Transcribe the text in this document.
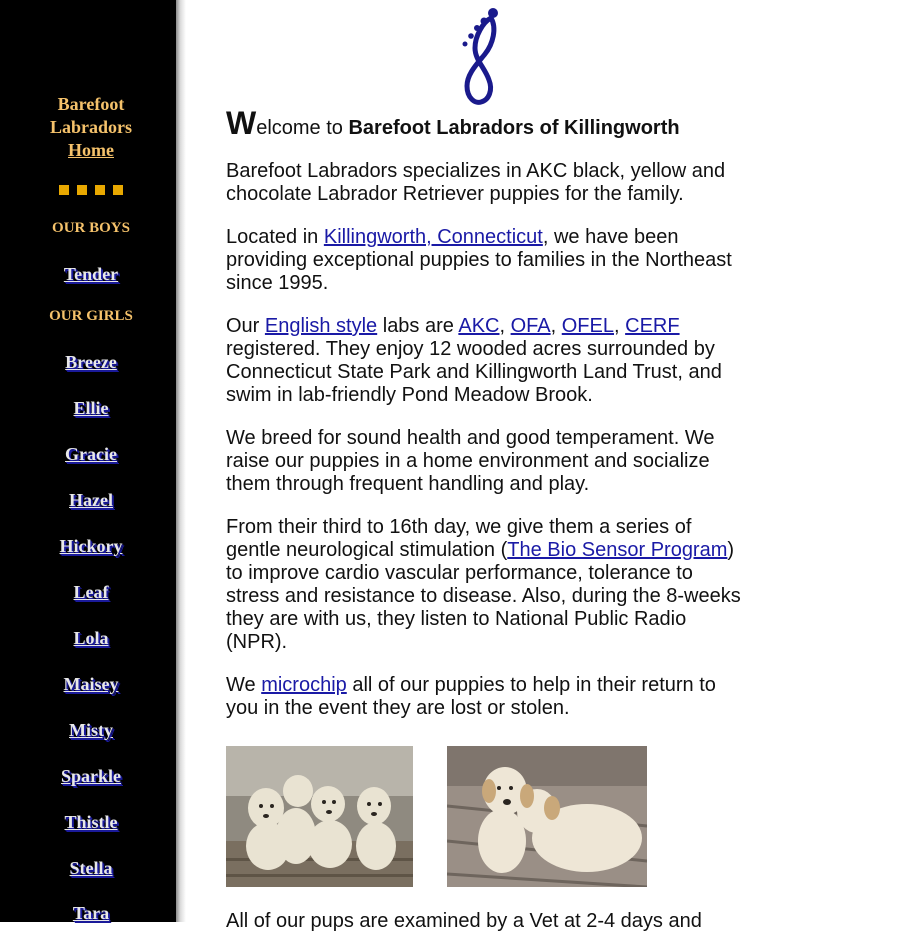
Barefoot
Labradors
Home
OUR BOYS
Tender
OUR GIRLS
Breeze
Ellie
Gracie
Hazel
Hickory
Leaf
Lola
Maisey
Misty
Sparkle
Thistle
Stella
Tara

Welcome to Barefoot Labradors of Killingworth

Barefoot Labradors specializes in AKC black, yellow and chocolate Labrador Retriever puppies for the family.

Located in Killingworth, Connecticut, we have been providing exceptional puppies to families in the Northeast since 1995.

Our English style labs are AKC, OFA, OFEL, CERF registered. They enjoy 12 wooded acres surrounded by Connecticut State Park and Killingworth Land Trust, and swim in lab-friendly Pond Meadow Brook.

We breed for sound health and good temperament. We raise our puppies in a home environment and socialize them through frequent handling and play.

From their third to 16th day, we give them a series of gentle neurological stimulation (The Bio Sensor Program) to improve cardio vascular performance, tolerance to stress and resistance to disease. Also, during the 8-weeks they are with us, they listen to National Public Radio (NPR).

We microchip all of our puppies to help in their return to you in the event they are lost or stolen.

All of our pups are examined by a Vet at 2-4 days and
